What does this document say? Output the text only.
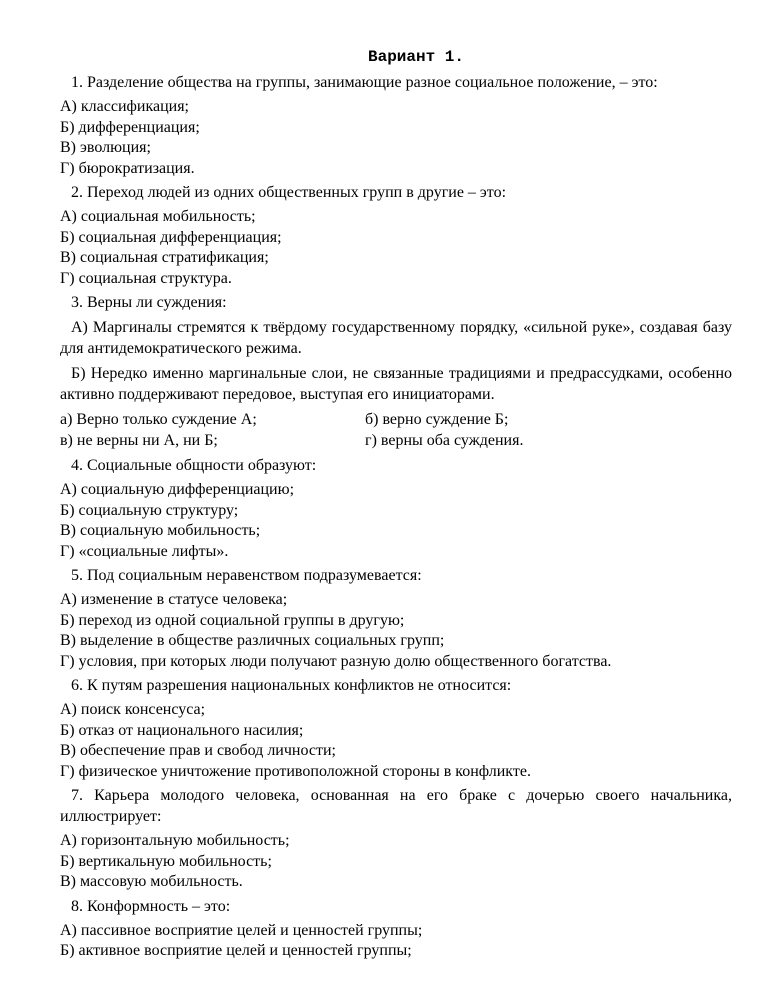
Вариант 1.
1. Разделение общества на группы, занимающие разное социальное положение, – это:
А) классификация;
Б) дифференциация;
В) эволюция;
Г) бюрократизация.
2. Переход людей из одних общественных групп в другие – это:
А) социальная мобильность;
Б) социальная дифференциация;
В) социальная стратификация;
Г) социальная структура.
3. Верны ли суждения:
А) Маргиналы стремятся к твёрдому государственному порядку, «сильной руке», создавая базу для антидемократического режима.
Б) Нередко именно маргинальные слои, не связанные традициями и предрассудками, особенно активно поддерживают передовое, выступая его инициаторами.
а) Верно только суждение А;	б) верно суждение Б;
в) не верны ни А, ни Б;	г) верны оба суждения.
4. Социальные общности образуют:
А) социальную дифференциацию;
Б) социальную структуру;
В) социальную мобильность;
Г) «социальные лифты».
5. Под социальным неравенством подразумевается:
А) изменение в статусе человека;
Б) переход из одной социальной группы в другую;
В) выделение в обществе различных социальных групп;
Г) условия, при которых люди получают разную долю общественного богатства.
6. К путям разрешения национальных конфликтов не относится:
А) поиск консенсуса;
Б) отказ от национального насилия;
В) обеспечение прав и свобод личности;
Г) физическое уничтожение противоположной стороны в конфликте.
7. Карьера молодого человека, основанная на его браке с дочерью своего начальника, иллюстрирует:
А) горизонтальную мобильность;
Б) вертикальную мобильность;
В) массовую мобильность.
8. Конформность – это:
А) пассивное восприятие целей и ценностей группы;
Б) активное восприятие целей и ценностей группы;
